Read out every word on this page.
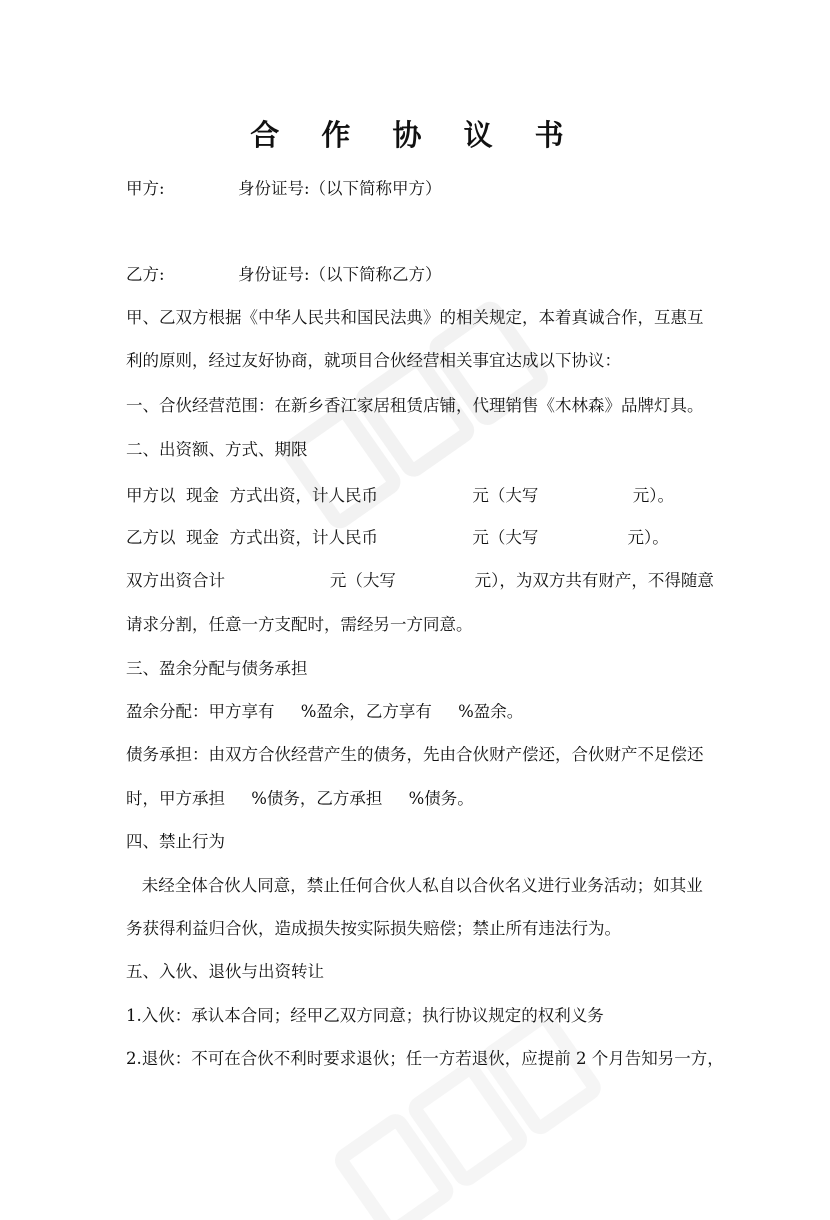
合 作 协 议 书
甲方:              身份证号:（以下简称甲方）
乙方:              身份证号:（以下简称乙方）
甲、乙双方根据《中华人民共和国民法典》的相关规定，本着真诚合作，互惠互
利的原则，经过友好协商，就项目合伙经营相关事宜达成以下协议：
一、合伙经营范围：在新乡香江家居租赁店铺，代理销售《木林森》品牌灯具。
二、出资额、方式、期限
甲方以  现金  方式出资，计人民币                  元（大写                  元）。
乙方以  现金  方式出资，计人民币                  元（大写                 元）。
双方出资合计                    元（大写               元），为双方共有财产，不得随意
请求分割，任意一方支配时，需经另一方同意。
三、盈余分配与债务承担
盈余分配：甲方享有     %盈余，乙方享有     %盈余。
债务承担：由双方合伙经营产生的债务，先由合伙财产偿还，合伙财产不足偿还
时，甲方承担     %债务，乙方承担     %债务。
四、禁止行为
未经全体合伙人同意，禁止任何合伙人私自以合伙名义进行业务活动；如其业
务获得利益归合伙，造成损失按实际损失赔偿；禁止所有违法行为。
五、入伙、退伙与出资转让
1.入伙：承认本合同；经甲乙双方同意；执行协议规定的权利义务
2.退伙：不可在合伙不利时要求退伙；任一方若退伙，应提前 2 个月告知另一方，
